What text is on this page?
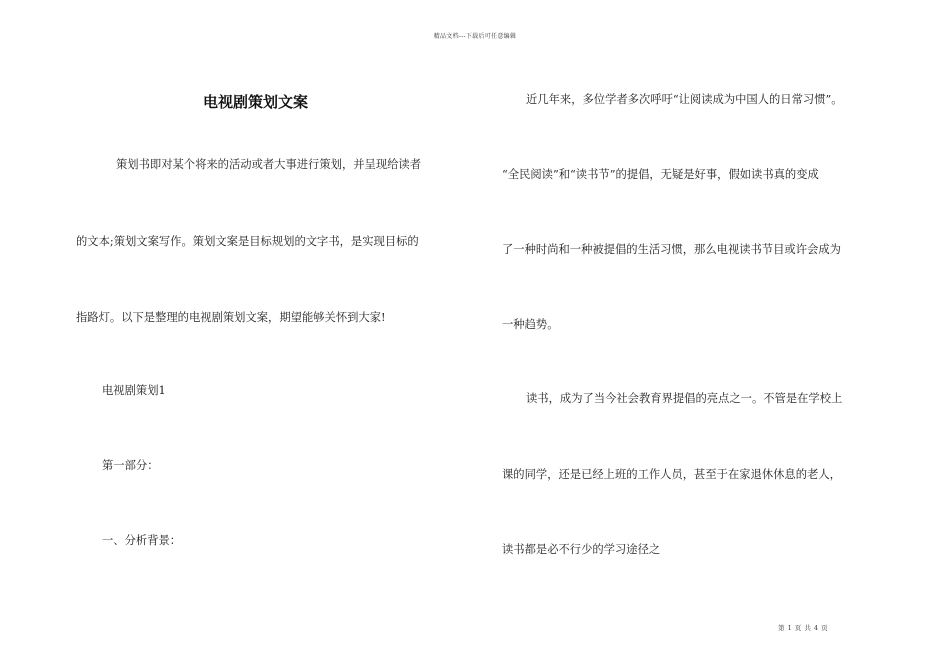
精品文档---下载后可任意编辑
电视剧策划文案
策划书即对某个将来的活动或者大事进行策划，并呈现给读者
的文本;策划文案写作。策划文案是目标规划的文字书，是实现目标的
指路灯。以下是整理的电视剧策划文案，期望能够关怀到大家!
电视剧策划1
第一部分：
一、分析背景：
近几年来，多位学者多次呼吁“让阅读成为中国人的日常习惯”。
“全民阅读”和“读书节”的提倡，无疑是好事，假如读书真的变成
了一种时尚和一种被提倡的生活习惯，那么电视读书节目或许会成为
一种趋势。
读书，成为了当今社会教育界提倡的亮点之一。不管是在学校上
课的同学，还是已经上班的工作人员，甚至于在家退休休息的老人，
读书都是必不行少的学习途径之
第 1 页 共 4 页
